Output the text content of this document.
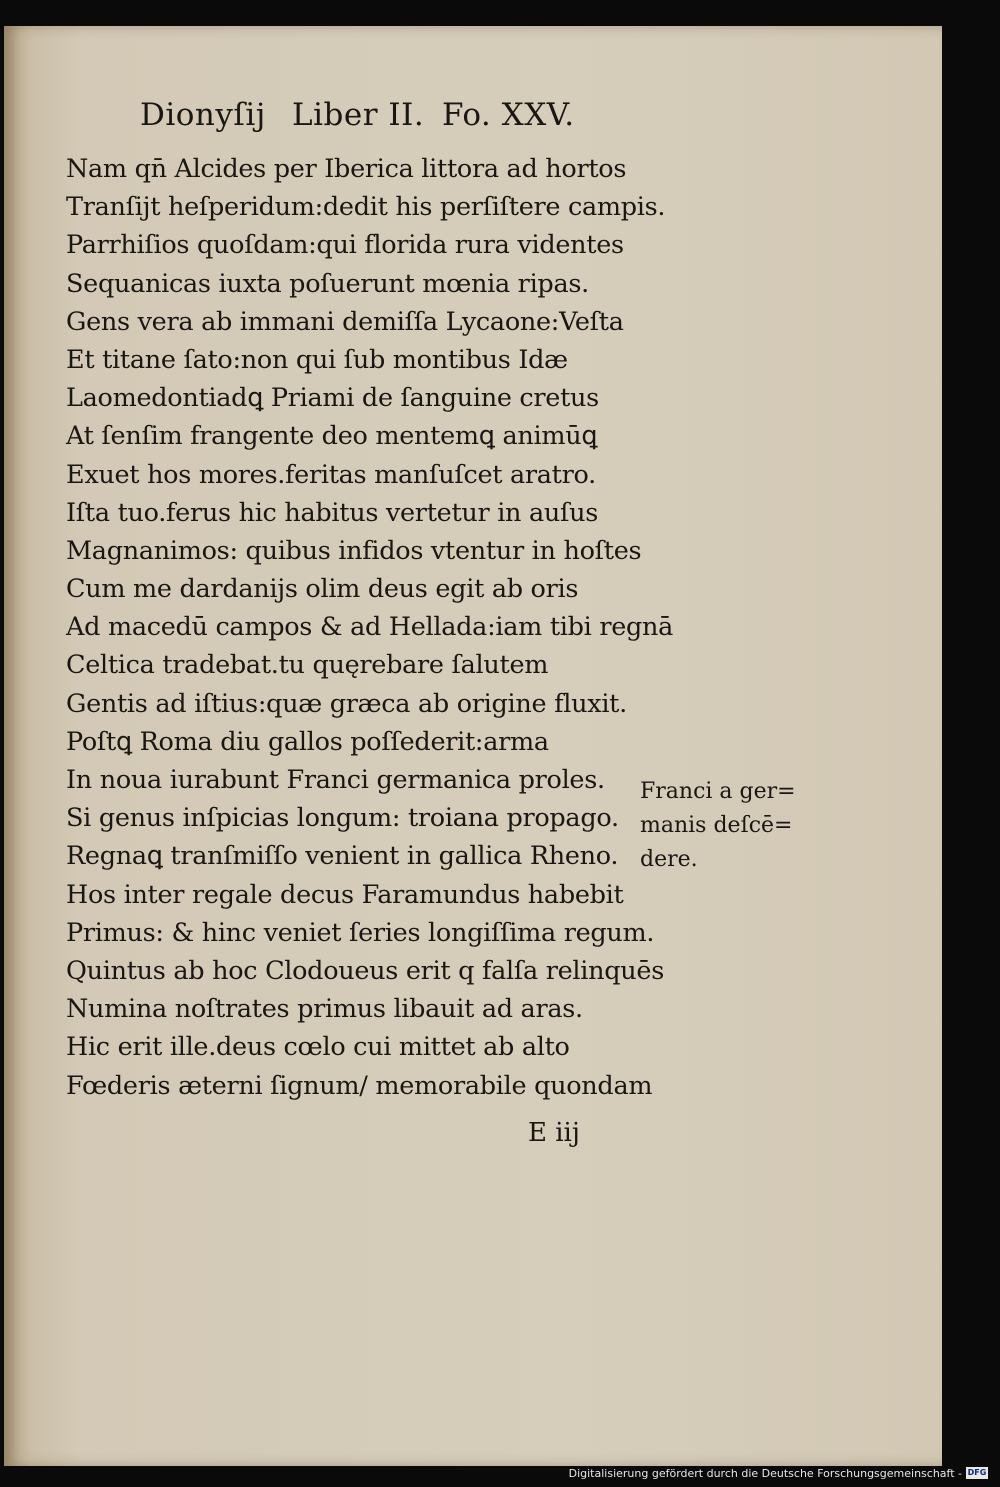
Dionyſij Liber II. Fo. XXV.
Nam qn̄ Alcides per Iberica littora ad hortos
Tranſijt heſperidum:dedit his perſiſtere campis.
Parrhiſios quoſdam:qui florida rura videntes
Sequanicas iuxta poſuerunt mœnia ripas.
Gens vera ab immani demiſſa Lycaone:Veſta
Et titane ſato:non qui ſub montibus Idæ
Laomedontiadꝗ Priami de ſanguine cretus
At ſenſim frangente deo mentemꝗ animūꝗ
Exuet hos mores.feritas manſuſcet aratro.
Iſta tuo.ferus hic habitus vertetur in auſus
Magnanimos: quibus infidos vtentur in hoſtes
Cum me dardanijs olim deus egit ab oris
Ad macedū campos & ad Hellada:iam tibi regnā
Celtica tradebat.tu quęrebare ſalutem
Gentis ad iſtius:quæ græca ab origine fluxit.
Poſtꝗ Roma diu gallos poſſederit:arma
In noua iurabunt Franci germanica proles.
Si genus inſpicias longum: troiana propago.
Regnaꝗ tranſmiſſo venient in gallica Rheno.
Hos inter regale decus Faramundus habebit
Primus: & hinc veniet ſeries longiſſima regum.
Quintus ab hoc Clodoueus erit q falſa relinquēs
Numina noſtrates primus libauit ad aras.
Hic erit ille.deus cœlo cui mittet ab alto
Fœderis æterni ſignum/ memorabile quondam
Franci a ger=
manis deſcē=
dere.
E iij
Digitalisierung gefördert durch die Deutsche Forschungsgemeinschaft - DFG
